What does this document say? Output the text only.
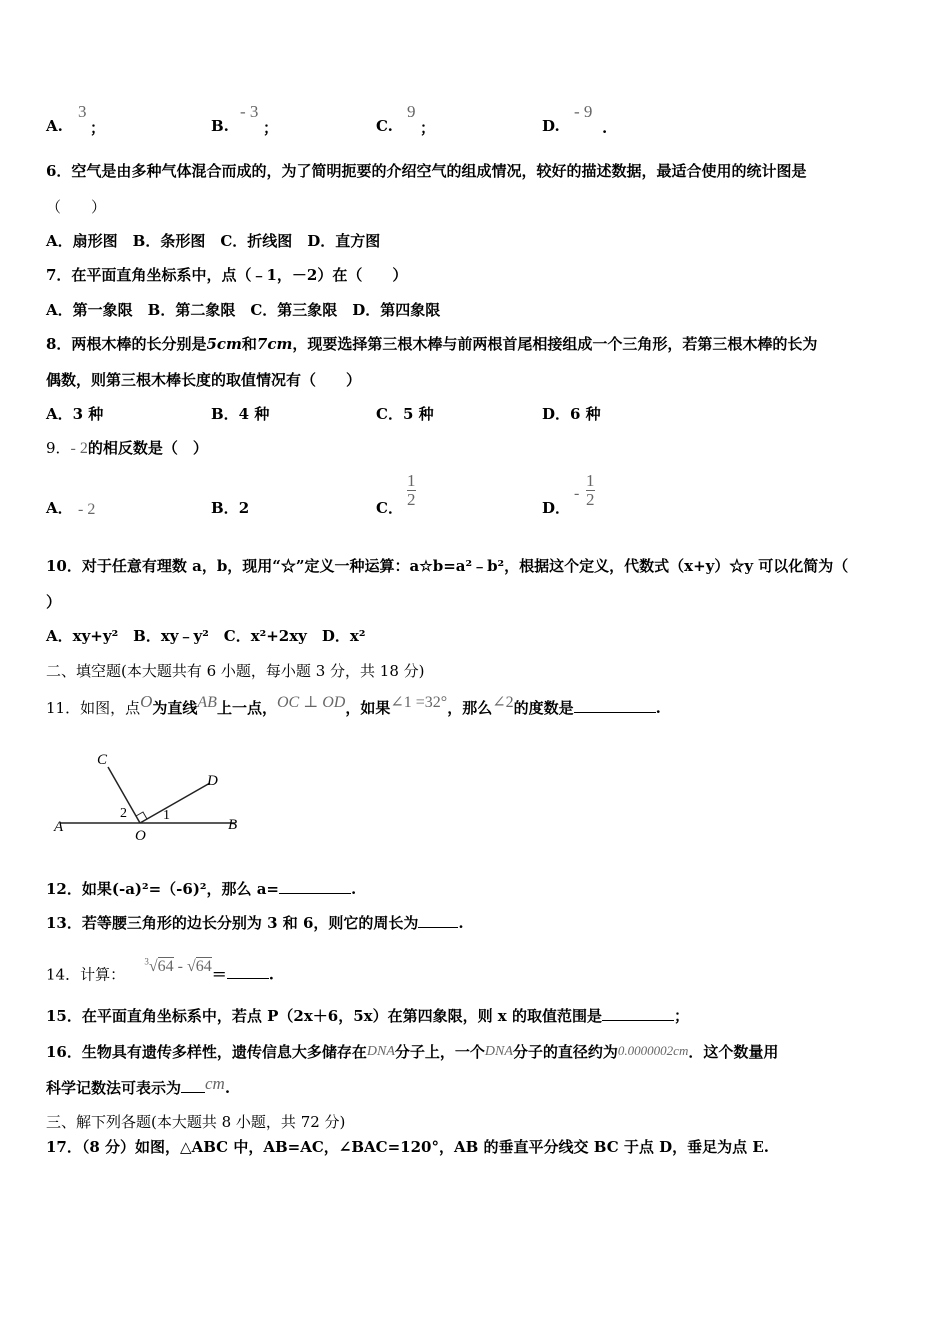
A.
3
；	B.
- 3
；	C.
9
；	D.
- 9
.
6．空气是由多种气体混合而成的，为了简明扼要的介绍空气的组成情况，较好的描述数据，最适合使用的统计图是
（　　）
A．扇形图　B．条形图　C．折线图　D．直方图
7．在平面直角坐标系中，点（﹣1，－2）在（　　）
A．第一象限　B．第二象限　C．第三象限　D．第四象限
8．两根木棒的长分别是5cm和7cm，现要选择第三根木棒与前两根首尾相接组成一个三角形，若第三根木棒的长为
偶数，则第三根木棒长度的取值情况有（　　）
A．3 种	B．4 种	C．5 种	D．6 种
9．- 2的相反数是（　）
A． - 2	B．2	C． $\frac{1}{2}$	D．
- $\frac{1}{2}$
10．对于任意有理数 a，b，现用“☆”定义一种运算：a☆b=a²﹣b²，根据这个定义，代数式（x+y）☆y 可以化简为（
）
A．xy+y²　B．xy﹣y²　C．x²+2xy　D．x²
二、填空题(本大题共有 6 小题，每小题 3 分，共 18 分)
11．如图，点O为直线AB上一点，OC ⊥ OD，如果∠1 =32°，那么∠2的度数是	.
C
D
A	B
O
1
2
12．如果(-a)²=（-6)²，那么 a=	.
13．若等腰三角形的边长分别为 3 和 6，则它的周长为	.
14．计算： $^3$√64 - √64＝	.
15．在平面直角坐标系中，若点 P（2x＋6，5x）在第四象限，则 x 的取值范围是	；
16．生物具有遗传多样性，遗传信息大多储存在DNA分子上，一个DNA分子的直径约为0.0000002cm．这个数量用
科学记数法可表示为 cm.
三、解下列各题(本大题共 8 小题，共 72 分)
17．（8 分）如图，△ABC 中，AB=AC，∠BAC=120°，AB 的垂直平分线交 BC 于点 D，垂足为点 E.
